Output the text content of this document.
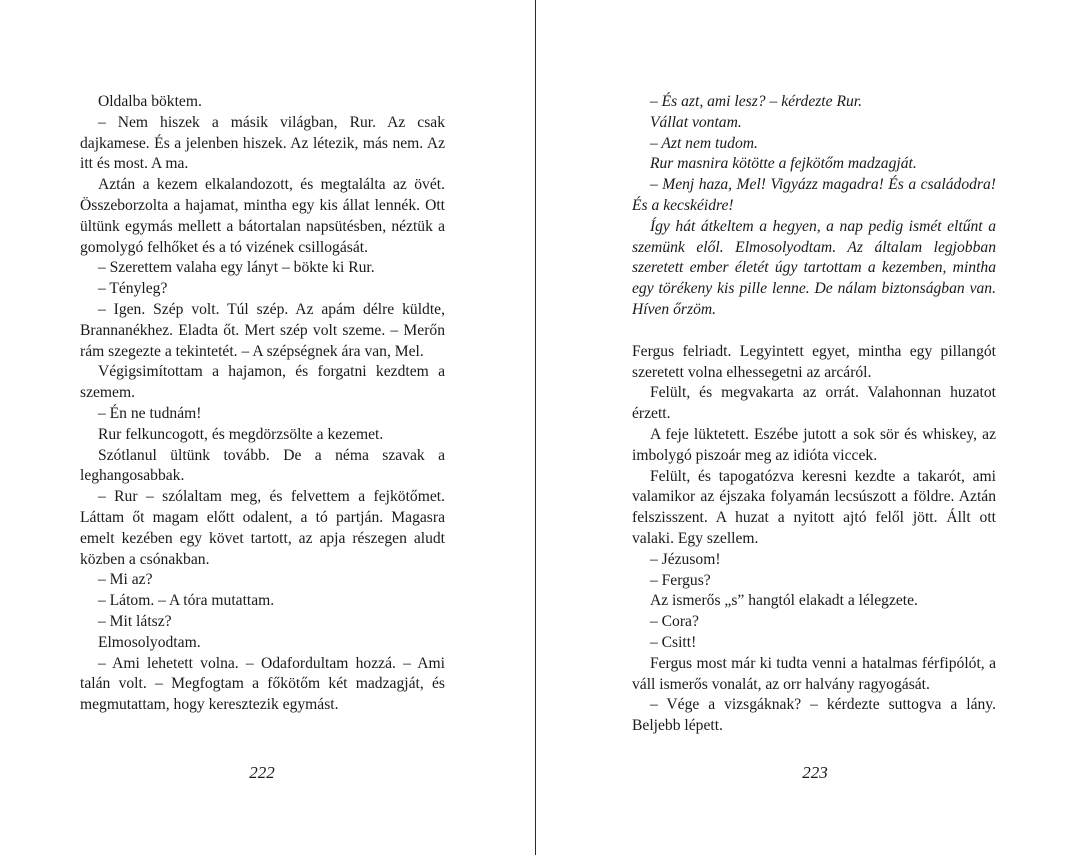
Oldalba böktem.

– Nem hiszek a másik világban, Rur. Az csak dajkamese. És a jelenben hiszek. Az létezik, más nem. Az itt és most. A ma.

Aztán a kezem elkalandozott, és megtalálta az övét. Összeborzolta a hajamat, mintha egy kis állat lennék. Ott ültünk egymás mellett a bátortalan napsütésben, néztük a gomolygó felhőket és a tó vizének csillogását.

– Szerettem valaha egy lányt – bökte ki Rur.

– Tényleg?

– Igen. Szép volt. Túl szép. Az apám délre küldte, Brannanékhez. Eladta őt. Mert szép volt szeme. – Merőn rám szegezte a tekintetét. – A szépségnek ára van, Mel.

Végigsimítottam a hajamon, és forgatni kezdtem a szemem.

– Én ne tudnám!

Rur felkuncogott, és megdörzsölte a kezemet.

Szótlanul ültünk tovább. De a néma szavak a leghangosabbak.

– Rur – szólaltam meg, és felvettem a fejkötőmet. Láttam őt magam előtt odalent, a tó partján. Magasra emelt kezében egy követ tartott, az apja részegen aludt közben a csónakban.

– Mi az?

– Látom. – A tóra mutattam.

– Mit látsz?

Elmosolyodtam.

– Ami lehetett volna. – Odafordultam hozzá. – Ami talán volt. – Megfogtam a főkötőm két madzagját, és megmutattam, hogy keresztezik egymást.

222

– És azt, ami lesz? – kérdezte Rur.

Vállat vontam.

– Azt nem tudom.

Rur masnira kötötte a fejkötőm madzagját.

– Menj haza, Mel! Vigyázz magadra! És a családodra! És a kecskéidre!

Így hát átkeltem a hegyen, a nap pedig ismét eltűnt a szemünk elől. Elmosolyodtam. Az általam legjobban szeretett ember életét úgy tartottam a kezemben, mintha egy törékeny kis pille lenne. De nálam biztonságban van. Híven őrzöm.

Fergus felriadt. Legyintett egyet, mintha egy pillangót szeretett volna elhessegetni az arcáról.

Felült, és megvakarta az orrát. Valahonnan huzatot érzett.

A feje lüktetett. Eszébe jutott a sok sör és whiskey, az imbolygó piszoár meg az idióta viccek.

Felült, és tapogatózva keresni kezdte a takarót, ami valamikor az éjszaka folyamán lecsúszott a földre. Aztán felszisszent. A huzat a nyitott ajtó felől jött. Állt ott valaki. Egy szellem.

– Jézusom!

– Fergus?

Az ismerős „s” hangtól elakadt a lélegzete.

– Cora?

– Csitt!

Fergus most már ki tudta venni a hatalmas férfipólót, a váll ismerős vonalát, az orr halvány ragyogását.

– Vége a vizsgáknak? – kérdezte suttogva a lány. Beljebb lépett.

223
